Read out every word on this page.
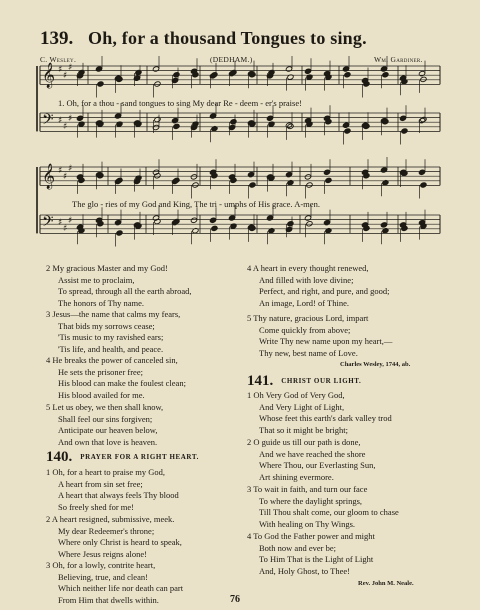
139. Oh, for a thousand Tongues to sing.
C. Wesley.	(DEDHAM.)	Wm. Gardiner.
𝄞
𝄢
♯
♯
♯
♯
♯
♯
𝄞
𝄢
♯
♯
♯
♯
♯
♯
1. Oh, for a thou - sand tongues to sing My dear Re - deem - er's praise!
The glo - ries of my God and King, The tri - umphs of His grace. A-men.
2 My gracious Master and my God!
Assist me to proclaim,
To spread, through all the earth abroad,
The honors of Thy name.
3 Jesus—the name that calms my fears,
That bids my sorrows cease;
'Tis music to my ravished ears;
'Tis life, and health, and peace.
4 He breaks the power of canceled sin,
He sets the prisoner free;
His blood can make the foulest clean;
His blood availed for me.
5 Let us obey, we then shall know,
Shall feel our sins forgiven;
Anticipate our heaven below,
And own that love is heaven.
140. PRAYER FOR A RIGHT HEART.
1 Oh, for a heart to praise my God,
A heart from sin set free;
A heart that always feels Thy blood
So freely shed for me!
2 A heart resigned, submissive, meek.
My dear Redeemer's throne;
Where only Christ is heard to speak,
Where Jesus reigns alone!
3 Oh, for a lowly, contrite heart,
Believing, true, and clean!
Which neither life nor death can part
From Him that dwells within.
4 A heart in every thought renewed,
And filled with love divine;
Perfect, and right, and pure, and good;
An image, Lord! of Thine.
5 Thy nature, gracious Lord, impart
Come quickly from above;
Write Thy new name upon my heart,—
Thy new, best name of Love.
Charles Wesley, 1744, ab.
141. CHRIST OUR LIGHT.
1 Oh Very God of Very God,
And Very Light of Light,
Whose feet this earth's dark valley trod
That so it might be bright;
2 O guide us till our path is done,
And we have reached the shore
Where Thou, our Everlasting Sun,
Art shining evermore.
3 To wait in faith, and turn our face
To where the daylight springs,
Till Thou shalt come, our gloom to chase
With healing on Thy Wings.
4 To God the Father power and might
Both now and ever be;
To Him That is the Light of Light
And, Holy Ghost, to Thee!
Rev. John M. Neale.
76
